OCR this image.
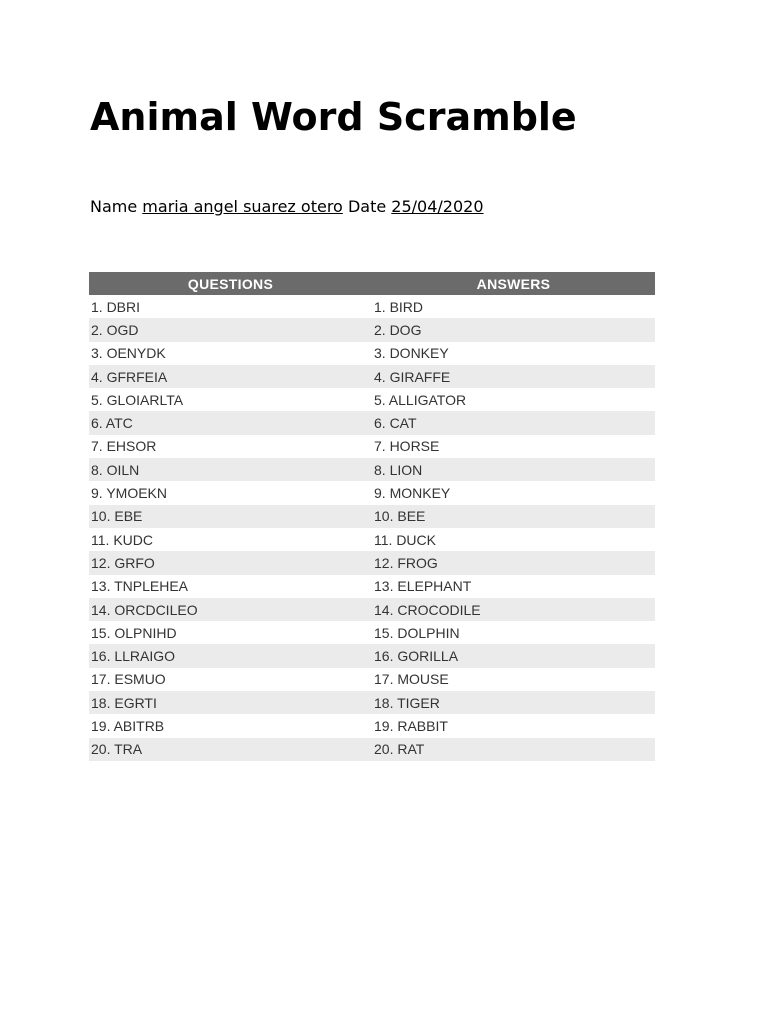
Animal Word Scramble
Name maria angel suarez otero Date 25/04/2020
QUESTIONS	ANSWERS
1. DBRI	1. BIRD
2. OGD	2. DOG
3. OENYDK	3. DONKEY
4. GFRFEIA	4. GIRAFFE
5. GLOIARLTA	5. ALLIGATOR
6. ATC	6. CAT
7. EHSOR	7. HORSE
8. OILN	8. LION
9. YMOEKN	9. MONKEY
10. EBE	10. BEE
11. KUDC	11. DUCK
12. GRFO	12. FROG
13. TNPLEHEA	13. ELEPHANT
14. ORCDCILEO	14. CROCODILE
15. OLPNIHD	15. DOLPHIN
16. LLRAIGO	16. GORILLA
17. ESMUO	17. MOUSE
18. EGRTI	18. TIGER
19. ABITRB	19. RABBIT
20. TRA	20. RAT
